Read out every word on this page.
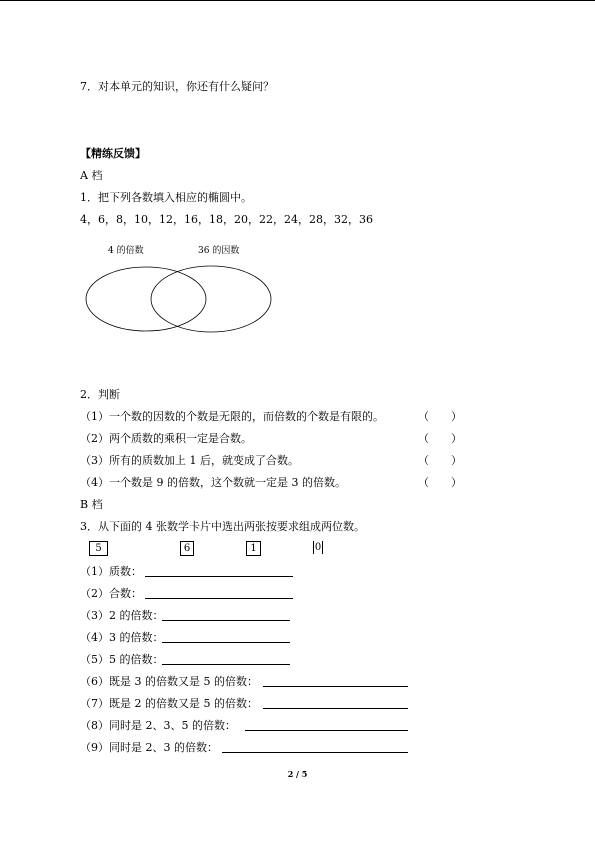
7．对本单元的知识，你还有什么疑问？
【精练反馈】
A 档
1．把下列各数填入相应的椭圆中。
4，6，8，10，12，16，18，20，22，24，28，32，36
4 的倍数	36 的因数
2．判断
（1）一个数的因数的个数是无限的，而倍数的个数是有限的。	（　　）
（2）两个质数的乘积一定是合数。	（　　）
（3）所有的质数加上 1 后，就变成了合数。	（　　）
（4）一个数是 9 的倍数，这个数就一定是 3 的倍数。	（　　）
B 档
3．从下面的 4 张数学卡片中选出两张按要求组成两位数。
5	6	1	0
（1）质数：
（2）合数：
（3）2 的倍数：
（4）3 的倍数：
（5）5 的倍数：
（6）既是 3 的倍数又是 5 的倍数：
（7）既是 2 的倍数又是 5 的倍数：
（8）同时是 2、3、5 的倍数：
（9）同时是 2、3 的倍数：
2 / 5
